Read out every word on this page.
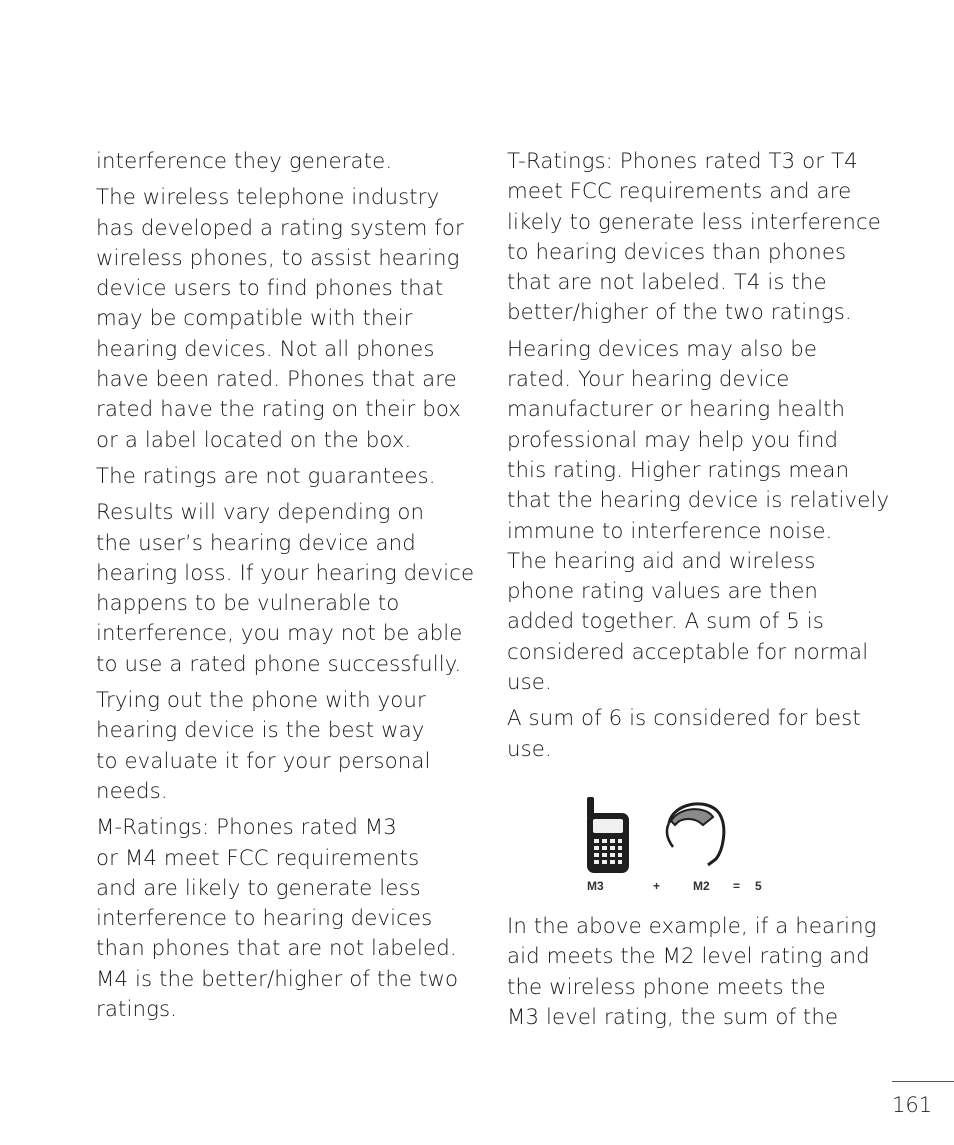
interference they generate.

The wireless telephone industry
has developed a rating system for
wireless phones, to assist hearing
device users to find phones that
may be compatible with their
hearing devices. Not all phones
have been rated. Phones that are
rated have the rating on their box
or a label located on the box.

The ratings are not guarantees.

Results will vary depending on
the user’s hearing device and
hearing loss. If your hearing device
happens to be vulnerable to
interference, you may not be able
to use a rated phone successfully.

Trying out the phone with your
hearing device is the best way
to evaluate it for your personal
needs.

M-Ratings: Phones rated M3
or M4 meet FCC requirements
and are likely to generate less
interference to hearing devices
than phones that are not labeled.
M4 is the better/higher of the two
ratings.

T-Ratings: Phones rated T3 or T4
meet FCC requirements and are
likely to generate less interference
to hearing devices than phones
that are not labeled. T4 is the
better/higher of the two ratings.

Hearing devices may also be
rated. Your hearing device
manufacturer or hearing health
professional may help you find
this rating. Higher ratings mean
that the hearing device is relatively
immune to interference noise.
The hearing aid and wireless
phone rating values are then
added together. A sum of 5 is
considered acceptable for normal
use.

A sum of 6 is considered for best
use.

M3	+	M2 = 5

In the above example, if a hearing
aid meets the M2 level rating and
the wireless phone meets the
M3 level rating, the sum of the

161
